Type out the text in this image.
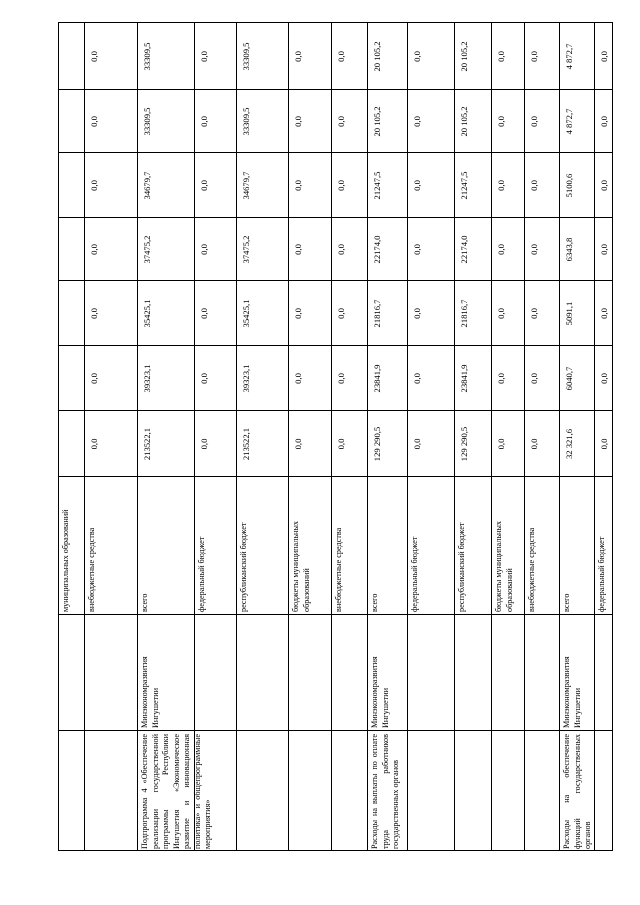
муниципальных образований
0,0
0,0
0,0
0,0
0,0
0,0
0,0
внебюджетные средства
33309,5
33309,5
34679,7
37475,2
35425,1
39323,1
213522,1
всего
Минэкономразвития Ингушетии
Подпрограмма 4 «Обеспечение реализации государственной программы Республики Ингушетия «Экономическое развитие и инновационная политика» и общепрограммные мероприятия»
0,0
0,0
0,0
0,0
0,0
0,0
0,0
федеральный бюджет
33309,5
33309,5
34679,7
37475,2
35425,1
39323,1
213522,1
республиканский бюджет
0,0
0,0
0,0
0,0
0,0
0,0
0,0
бюджеты муниципальных образований
0,0
0,0
0,0
0,0
0,0
0,0
0,0
внебюджетные средства
20 105,2
20 105,2
21247,5
22174,0
21816,7
23841,9
129 290,5
всего
Минэкономразвития Ингушетии
Расходы на выплаты по оплате труда работников государственных органов
0,0
0,0
0,0
0,0
0,0
0,0
0,0
федеральный бюджет
20 105,2
20 105,2
21247,5
22174,0
21816,7
23841,9
129 290,5
республиканский бюджет
0,0
0,0
0,0
0,0
0,0
0,0
0,0
бюджеты муниципальных образований
0,0
0,0
0,0
0,0
0,0
0,0
0,0
внебюджетные средства
4 872,7
4 872,7
5100,6
6343,8
5091,1
6040,7
32 321,6
всего
Минэкономразвития Ингушетии
Расходы на обеспечение функций государственных органов
0,0
0,0
0,0
0,0
0,0
0,0
0,0
федеральный бюджет
